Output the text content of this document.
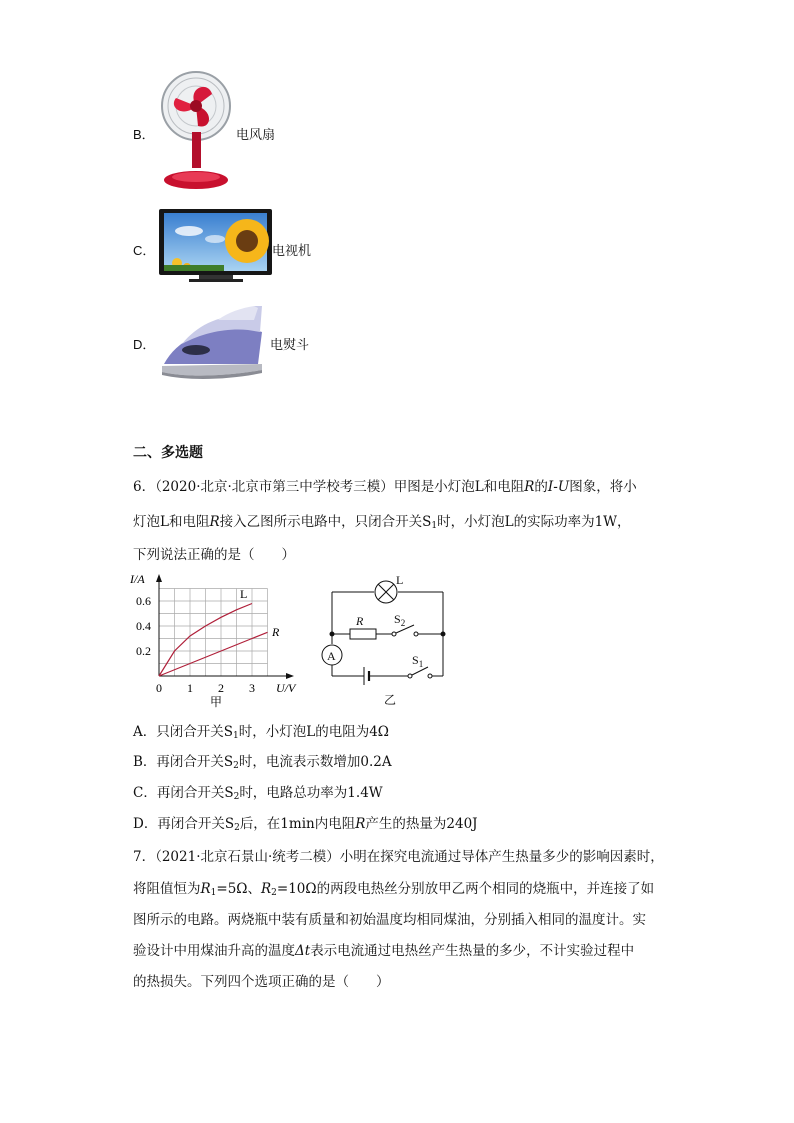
B．	电风扇
C．	电视机
D．	电熨斗
二、多选题
6．（2020·北京·北京市第三中学校考三模）甲图是小灯泡L和电阻R的I-U图象，将小
灯泡L和电阻R接入乙图所示电路中，只闭合开关$S_1$时，小灯泡L的实际功率为1W，
下列说法正确的是（　　）
I/A
U/V
0.6
0.4
0.2
0 1 2 3
L
R
甲
L
R	$S_2$
A	$S_1$
乙
A．只闭合开关$S_1$时，小灯泡L的电阻为4Ω
B．再闭合开关$S_2$时，电流表示数增加0.2A
C．再闭合开关$S_2$时，电路总功率为1.4W
D．再闭合开关$S_2$后，在1min内电阻R产生的热量为240J
7．（2021·北京石景山·统考二模）小明在探究电流通过导体产生热量多少的影响因素时，
将阻值恒为$R_1=5\Omega$、$R_2=10\Omega$的两段电热丝分别放甲乙两个相同的烧瓶中，并连接了如
图所示的电路。两烧瓶中装有质量和初始温度均相同煤油，分别插入相同的温度计。实
验设计中用煤油升高的温度Δt表示电流通过电热丝产生热量的多少，不计实验过程中
的热损失。下列四个选项正确的是（　　）
